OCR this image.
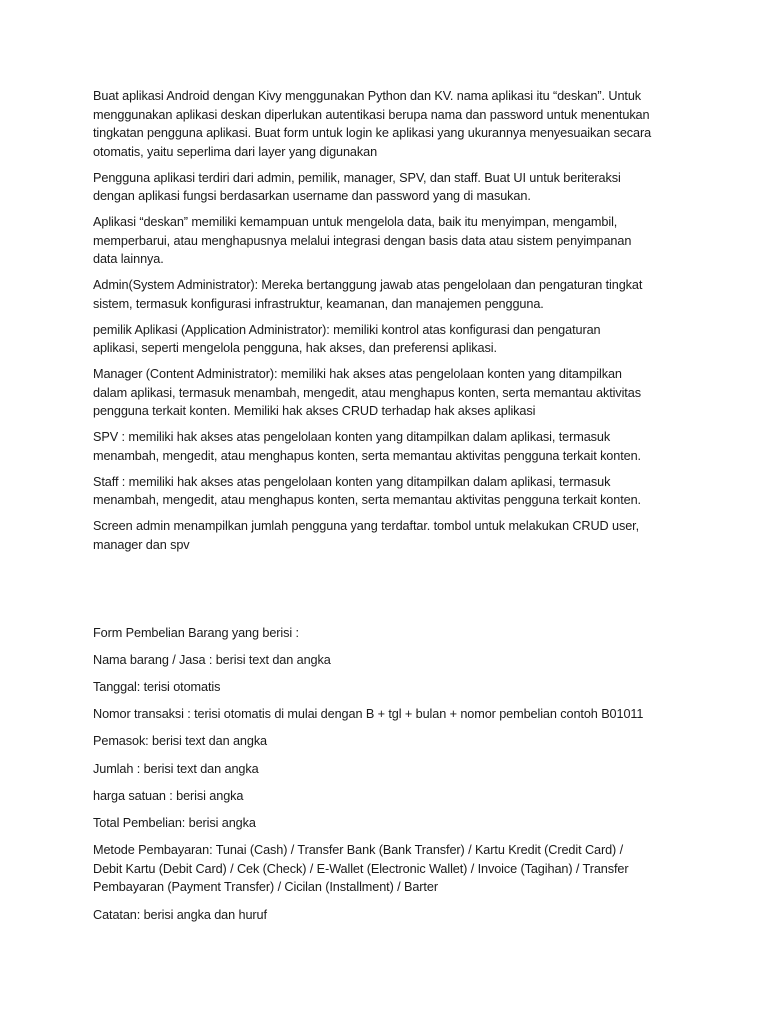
Buat aplikasi Android dengan Kivy menggunakan Python dan KV. nama aplikasi itu “deskan”. Untuk
menggunakan aplikasi deskan diperlukan autentikasi berupa nama dan password untuk menentukan
tingkatan pengguna aplikasi. Buat form untuk login ke aplikasi yang ukurannya menyesuaikan secara
otomatis, yaitu seperlima dari layer yang digunakan

Pengguna aplikasi terdiri dari admin, pemilik, manager, SPV, dan staff. Buat UI untuk beriteraksi
dengan aplikasi fungsi berdasarkan username dan password yang di masukan.

Aplikasi “deskan” memiliki kemampuan untuk mengelola data, baik itu menyimpan, mengambil,
memperbarui, atau menghapusnya melalui integrasi dengan basis data atau sistem penyimpanan
data lainnya.

Admin(System Administrator): Mereka bertanggung jawab atas pengelolaan dan pengaturan tingkat
sistem, termasuk konfigurasi infrastruktur, keamanan, dan manajemen pengguna.

pemilik Aplikasi (Application Administrator): memiliki kontrol atas konfigurasi dan pengaturan
aplikasi, seperti mengelola pengguna, hak akses, dan preferensi aplikasi.

Manager (Content Administrator): memiliki hak akses atas pengelolaan konten yang ditampilkan
dalam aplikasi, termasuk menambah, mengedit, atau menghapus konten, serta memantau aktivitas
pengguna terkait konten. Memiliki hak akses CRUD terhadap hak akses aplikasi

SPV : memiliki hak akses atas pengelolaan konten yang ditampilkan dalam aplikasi, termasuk
menambah, mengedit, atau menghapus konten, serta memantau aktivitas pengguna terkait konten.

Staff : memiliki hak akses atas pengelolaan konten yang ditampilkan dalam aplikasi, termasuk
menambah, mengedit, atau menghapus konten, serta memantau aktivitas pengguna terkait konten.

Screen admin menampilkan jumlah pengguna yang terdaftar. tombol untuk melakukan CRUD user,
manager dan spv

Form Pembelian Barang yang berisi :

Nama barang / Jasa : berisi text dan angka

Tanggal: terisi otomatis

Nomor transaksi : terisi otomatis di mulai dengan B + tgl + bulan + nomor pembelian contoh B01011

Pemasok: berisi text dan angka

Jumlah : berisi text dan angka

harga satuan : berisi angka

Total Pembelian: berisi angka

Metode Pembayaran: Tunai (Cash) / Transfer Bank (Bank Transfer) / Kartu Kredit (Credit Card) /
Debit Kartu (Debit Card) / Cek (Check) / E-Wallet (Electronic Wallet) / Invoice (Tagihan) / Transfer
Pembayaran (Payment Transfer) / Cicilan (Installment) / Barter

Catatan: berisi angka dan huruf
